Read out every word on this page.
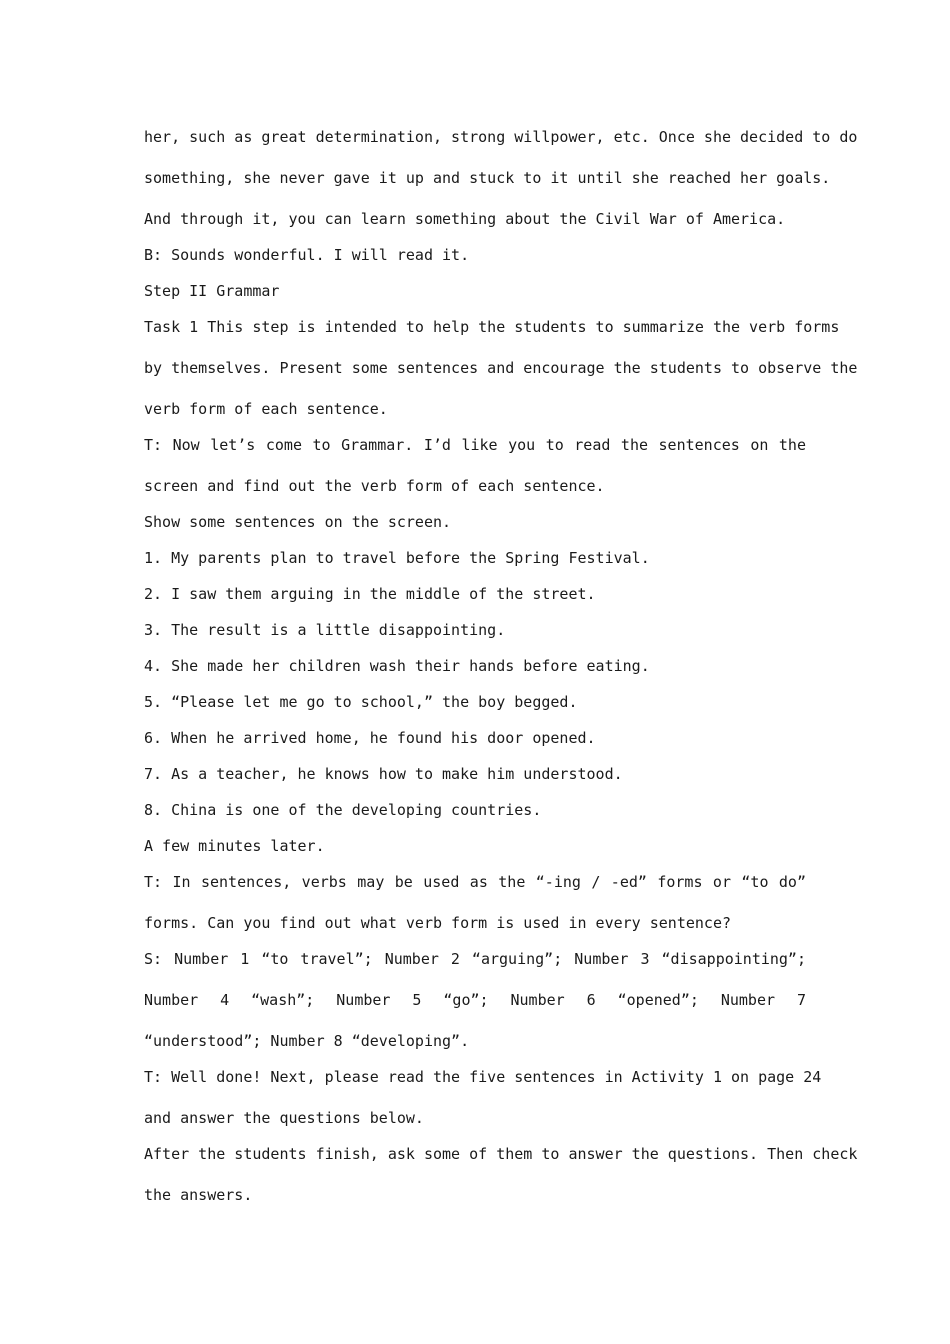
her, such as great determination, strong willpower, etc. Once she decided to do
something, she never gave it up and stuck to it until she reached her goals.
And through it, you can learn something about the Civil War of America.
B: Sounds wonderful. I will read it.
Step II Grammar
Task 1 This step is intended to help the students to summarize the verb forms
by themselves. Present some sentences and encourage the students to observe the
verb form of each sentence.
T: Now let’s come to Grammar. I’d like you to read the sentences on the
screen and find out the verb form of each sentence.
Show some sentences on the screen.
1. My parents plan to travel before the Spring Festival.
2. I saw them arguing in the middle of the street.
3. The result is a little disappointing.
4. She made her children wash their hands before eating.
5. “Please let me go to school,” the boy begged.
6. When he arrived home, he found his door opened.
7. As a teacher, he knows how to make him understood.
8. China is one of the developing countries.
A few minutes later.
T: In sentences, verbs may be used as the “-ing / -ed” forms or “to do”
forms. Can you find out what verb form is used in every sentence?
S: Number 1 “to travel”; Number 2 “arguing”; Number 3 “disappointing”;
Number 4 “wash”; Number 5 “go”; Number 6 “opened”; Number 7
“understood”; Number 8 “developing”.
T: Well done! Next, please read the five sentences in Activity 1 on page 24
and answer the questions below.
After the students finish, ask some of them to answer the questions. Then check
the answers.
